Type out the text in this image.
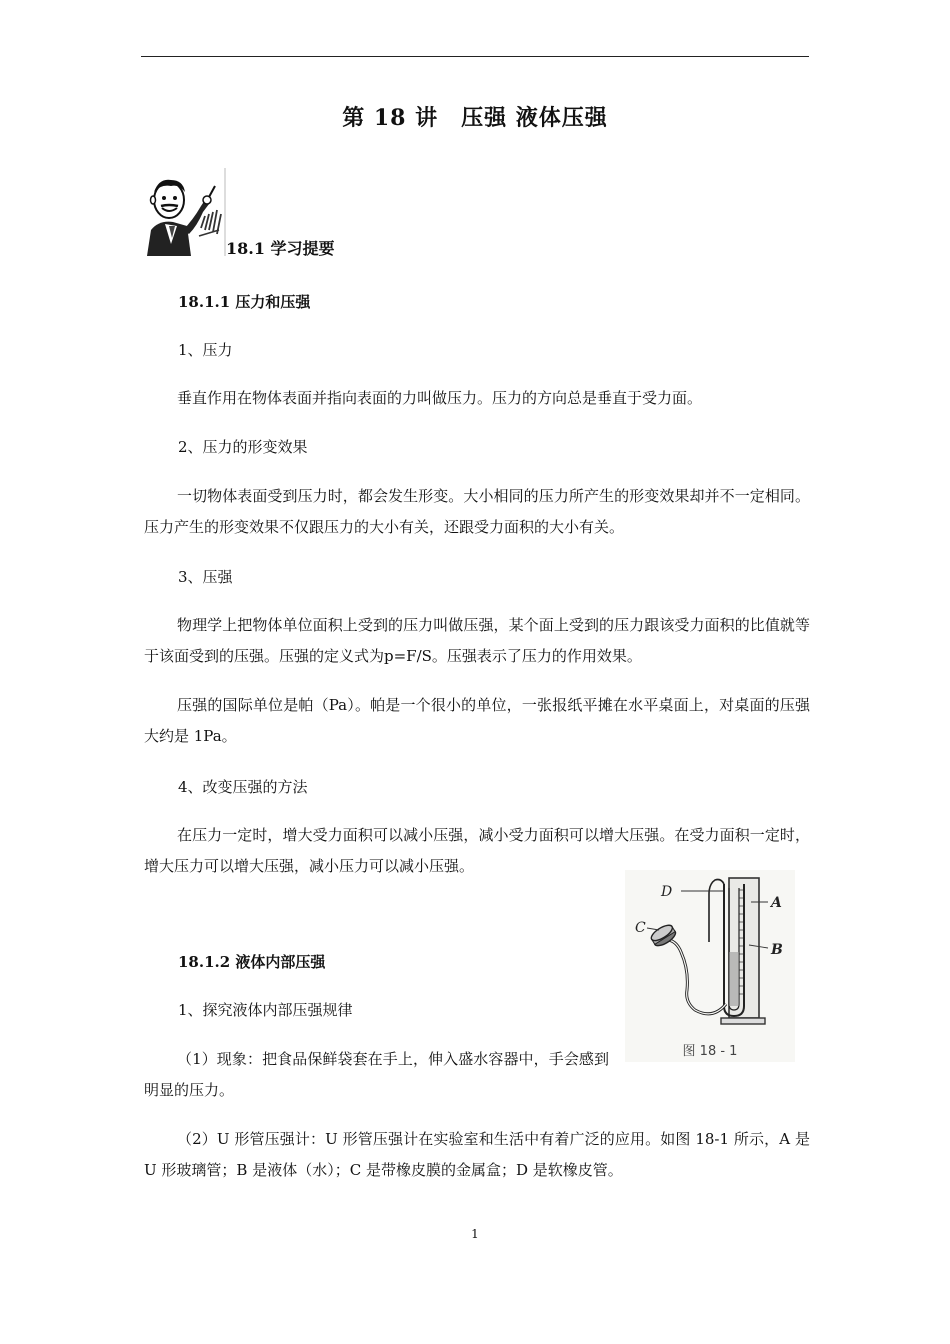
第 18 讲　压强 液体压强
18.1 学习提要
18.1.1 压力和压强
1、压力
垂直作用在物体表面并指向表面的力叫做压力。压力的方向总是垂直于受力面。
2、压力的形变效果
一切物体表面受到压力时，都会发生形变。大小相同的压力所产生的形变效果却并不一定相同。压力产生的形变效果不仅跟压力的大小有关，还跟受力面积的大小有关。
3、压强
物理学上把物体单位面积上受到的压力叫做压强，某个面上受到的压力跟该受力面积的比值就等于该面受到的压强。压强的定义式为p=F/S。压强表示了压力的作用效果。
压强的国际单位是帕（Pa）。帕是一个很小的单位，一张报纸平摊在水平桌面上，对桌面的压强大约是 1Pa。
4、改变压强的方法
在压力一定时，增大受力面积可以减小压强，减小受力面积可以增大压强。在受力面积一定时，增大压力可以增大压强，减小压力可以减小压强。
18.1.2 液体内部压强
1、探究液体内部压强规律
（1）现象：把食品保鲜袋套在手上，伸入盛水容器中，手会感到明显的压力。
（2）U 形管压强计：U 形管压强计在实验室和生活中有着广泛的应用。如图 18-1 所示，A 是 U 形玻璃管；B 是液体（水）；C 是带橡皮膜的金属盒；D 是软橡皮管。
D
A
B
C
图 18 - 1
1
